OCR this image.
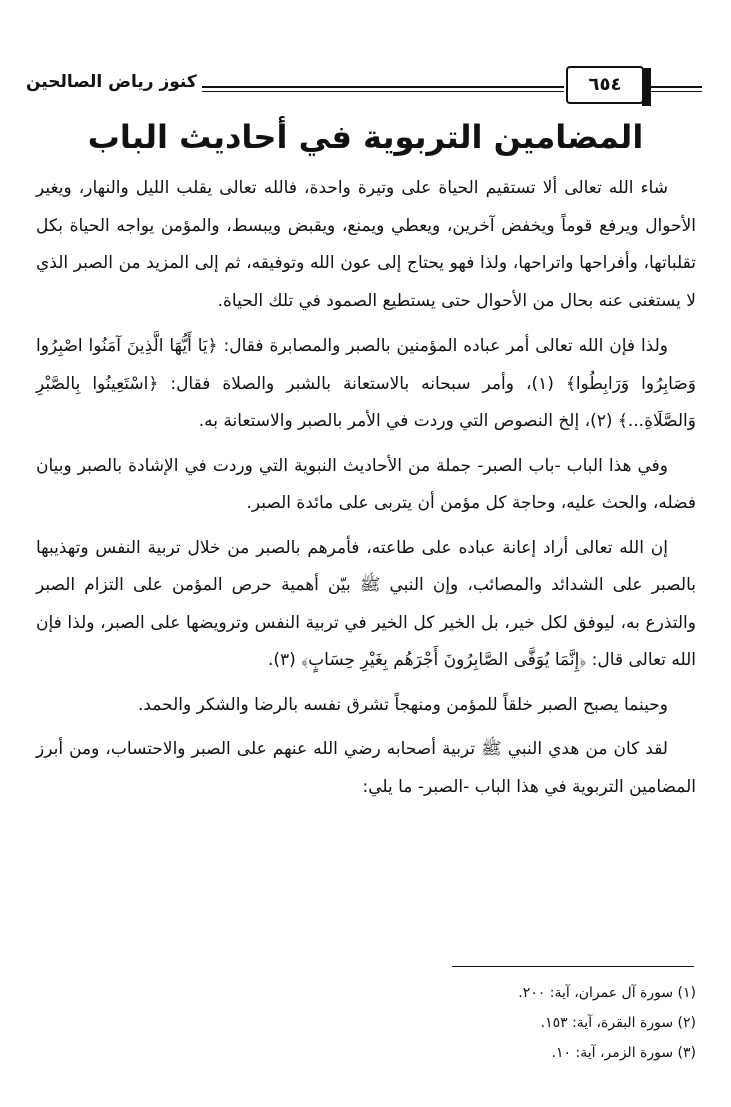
كنوز رياض الصالحين	٦٥٤
المضامين التربوية في أحاديث الباب

شاء الله تعالى ألا تستقيم الحياة على وتيرة واحدة، فالله تعالى يقلب الليل والنهار، ويغير الأحوال ويرفع قوماً ويخفض آخرين، ويعطي ويمنع، ويقبض ويبسط، والمؤمن يواجه الحياة بكل تقلباتها، وأفراحها واتراحها، ولذا فهو يحتاج إلى عون الله وتوفيقه، ثم إلى المزيد من الصبر الذي لا يستغنى عنه بحال من الأحوال حتى يستطيع الصمود في تلك الحياة.

ولذا فإن الله تعالى أمر عباده المؤمنين بالصبر والمصابرة فقال: ﴿يَا أَيُّهَا الَّذِينَ آمَنُوا اصْبِرُوا وَصَابِرُوا وَرَابِطُوا﴾ (١)، وأمر سبحانه بالاستعانة بالشبر والصلاة فقال: ﴿اسْتَعِينُوا بِالصَّبْرِ وَالصَّلَاةِ...﴾ (٢)، إلخ النصوص التي وردت في الأمر بالصبر والاستعانة به.

وفي هذا الباب -باب الصبر- جملة من الأحاديث النبوية التي وردت في الإشادة بالصبر وبيان فضله، والحث عليه، وحاجة كل مؤمن أن يتربى على مائدة الصبر.

إن الله تعالى أراد إعانة عباده على طاعته، فأمرهم بالصبر من خلال تربية النفس وتهذيبها بالصبر على الشدائد والمصائب، وإن النبي ﷺ بيّن أهمية حرص المؤمن على التزام الصبر والتذرع به، ليوفق لكل خير، بل الخير كل الخير في تربية النفس وترويضها على الصبر، ولذا فإن الله تعالى قال: ﴿إِنَّمَا يُوَفَّى الصَّابِرُونَ أَجْرَهُم بِغَيْرِ حِسَابٍ﴾ (٣).

وحينما يصبح الصبر خلقاً للمؤمن ومنهجاً تشرق نفسه بالرضا والشكر والحمد.

لقد كان من هدي النبي ﷺ تربية أصحابه رضي الله عنهم على الصبر والاحتساب، ومن أبرز المضامين التربوية في هذا الباب -الصبر- ما يلي:

(١) سورة آل عمران، آية: ٢٠٠.
(٢) سورة البقرة، آية: ١٥٣.
(٣) سورة الزمر، آية: ١٠.
